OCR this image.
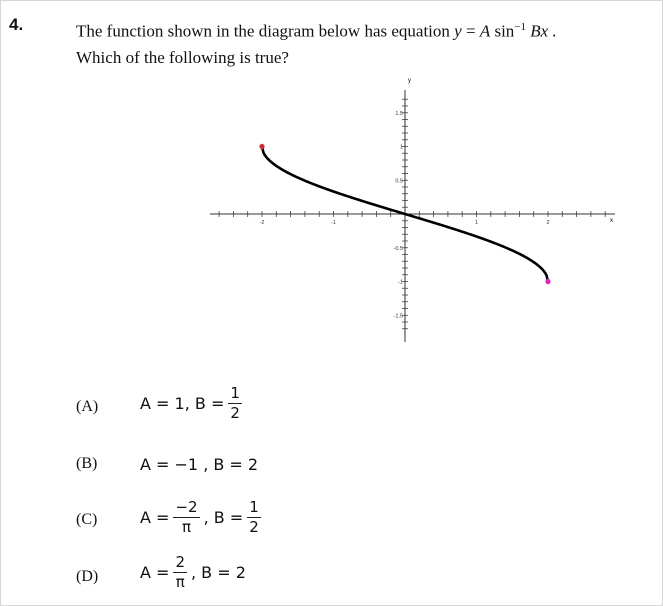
4.	The function shown in the diagram below has equation y = A $\sin^{-1} Bx$ .
Which of the following is true?
x
y
-2	-1	1	2
1.5
1
0.5
-0.5
-1
-1.5
(A)	A = 1, $B = \frac{1}{2}$
(B)	A = −1 , B = 2
(C)	$A = \frac{-2}{\pi}$ , $B = \frac{1}{2}$
(D)	$A = \frac{2}{\pi}$ , B = 2
